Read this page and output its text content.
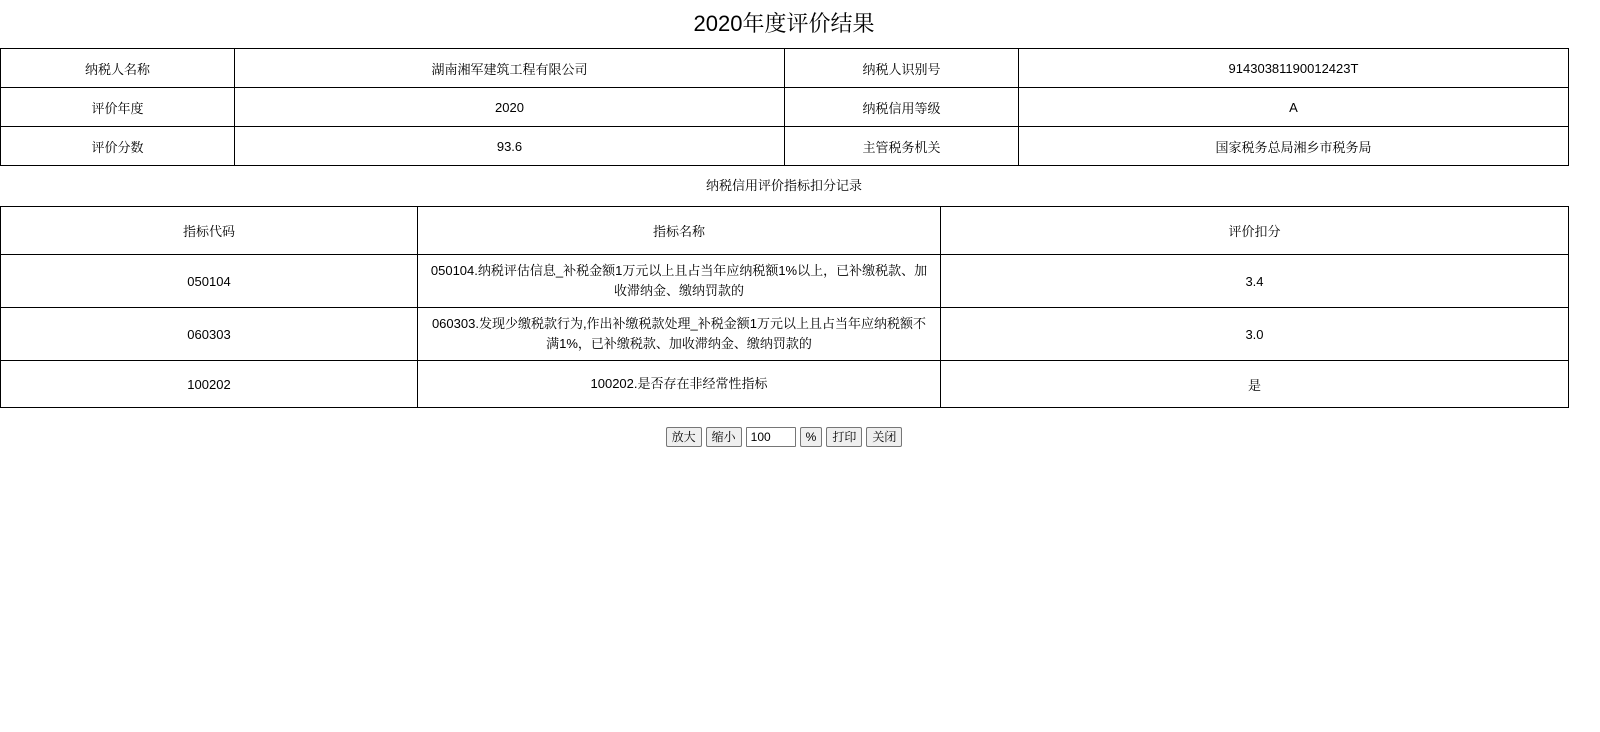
2020年度评价结果
纳税人名称	湖南湘军建筑工程有限公司	纳税人识别号	91430381190012423T
评价年度	2020	纳税信用等级	A
评价分数	93.6	主管税务机关	国家税务总局湘乡市税务局
纳税信用评价指标扣分记录
指标代码	指标名称	评价扣分
050104	050104.纳税评估信息_补税金额1万元以上且占当年应纳税额1%以上，已补缴税款、加收滞纳金、缴纳罚款的	3.4
060303	060303.发现少缴税款行为,作出补缴税款处理_补税金额1万元以上且占当年应纳税额不满1%，已补缴税款、加收滞纳金、缴纳罚款的	3.0
100202	100202.是否存在非经常性指标	是
放大	缩小
100	%	打印	关闭
